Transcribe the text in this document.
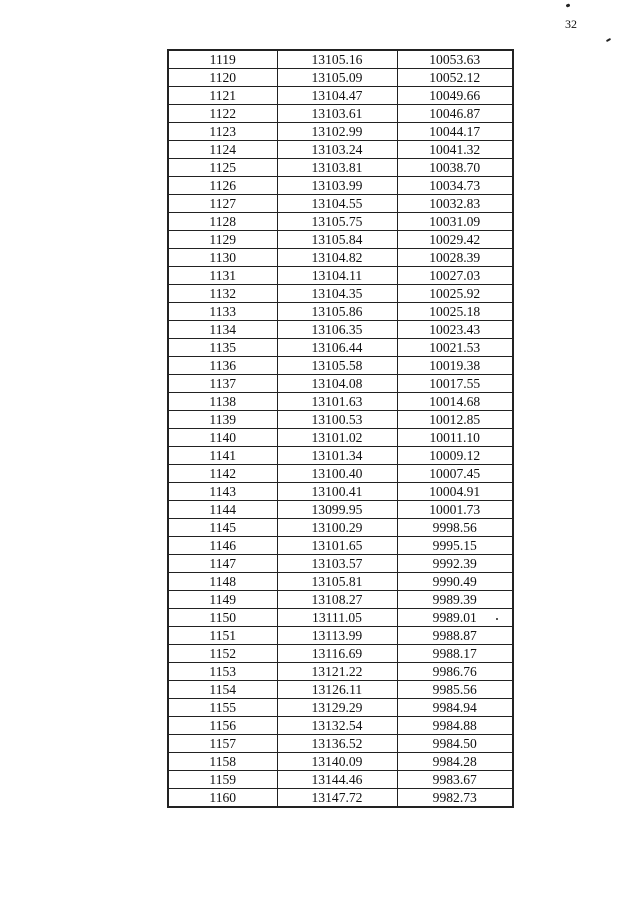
32
1119	13105.16	10053.63
1120	13105.09	10052.12
1121	13104.47	10049.66
1122	13103.61	10046.87
1123	13102.99	10044.17
1124	13103.24	10041.32
1125	13103.81	10038.70
1126	13103.99	10034.73
1127	13104.55	10032.83
1128	13105.75	10031.09
1129	13105.84	10029.42
1130	13104.82	10028.39
1131	13104.11	10027.03
1132	13104.35	10025.92
1133	13105.86	10025.18
1134	13106.35	10023.43
1135	13106.44	10021.53
1136	13105.58	10019.38
1137	13104.08	10017.55
1138	13101.63	10014.68
1139	13100.53	10012.85
1140	13101.02	10011.10
1141	13101.34	10009.12
1142	13100.40	10007.45
1143	13100.41	10004.91
1144	13099.95	10001.73
1145	13100.29	9998.56
1146	13101.65	9995.15
1147	13103.57	9992.39
1148	13105.81	9990.49
1149	13108.27	9989.39
1150	13111.05	9989.01
1151	13113.99	9988.87
1152	13116.69	9988.17
1153	13121.22	9986.76
1154	13126.11	9985.56
1155	13129.29	9984.94
1156	13132.54	9984.88
1157	13136.52	9984.50
1158	13140.09	9984.28
1159	13144.46	9983.67
1160	13147.72	9982.73
